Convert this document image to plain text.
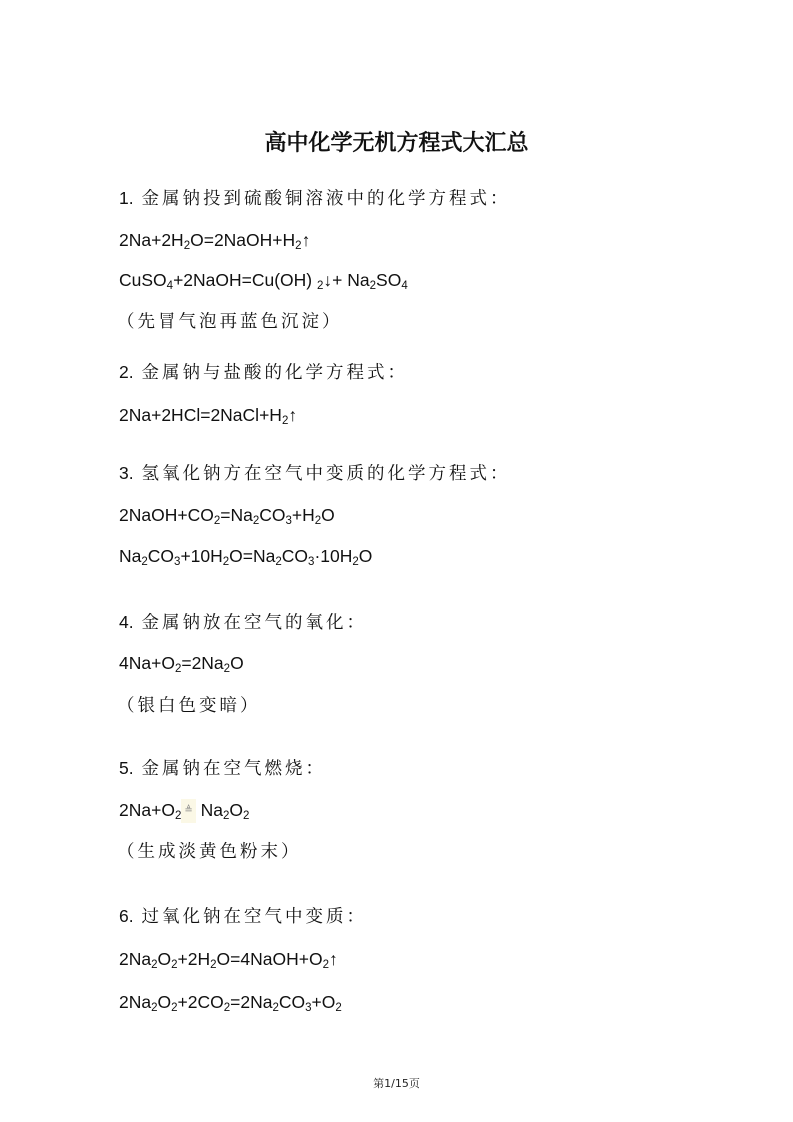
高中化学无机方程式大汇总
1. 金属钠投到硫酸铜溶液中的化学方程式：
$2Na+2H_2O=2NaOH+H_2↑$
CuSO$_4$+2NaOH=Cu(OH) $_2$↓+ $Na_2SO_4$
（先冒气泡再蓝色沉淀）
2. 金属钠与盐酸的化学方程式：
$2Na+2HCl=2NaCl+H_2↑$
3. 氢氧化钠方在空气中变质的化学方程式：
$2NaOH+CO_2=Na_2CO_3+H_2O$
$Na_2CO_3+10H_2O=Na_2CO_3\cdot 10H_2O$
4. 金属钠放在空气的氧化：
$4Na+O_2=2Na_2O$
（银白色变暗）
5. 金属钠在空气燃烧：
$2Na+O_2$ ≜ $Na_2O_2$
（生成淡黄色粉末）
6. 过氧化钠在空气中变质：
$2Na_2O_2+2H_2O=4NaOH+O_2↑$
$2Na_2O_2+2CO_2=2Na_2CO_3+O_2$
第1/15页
